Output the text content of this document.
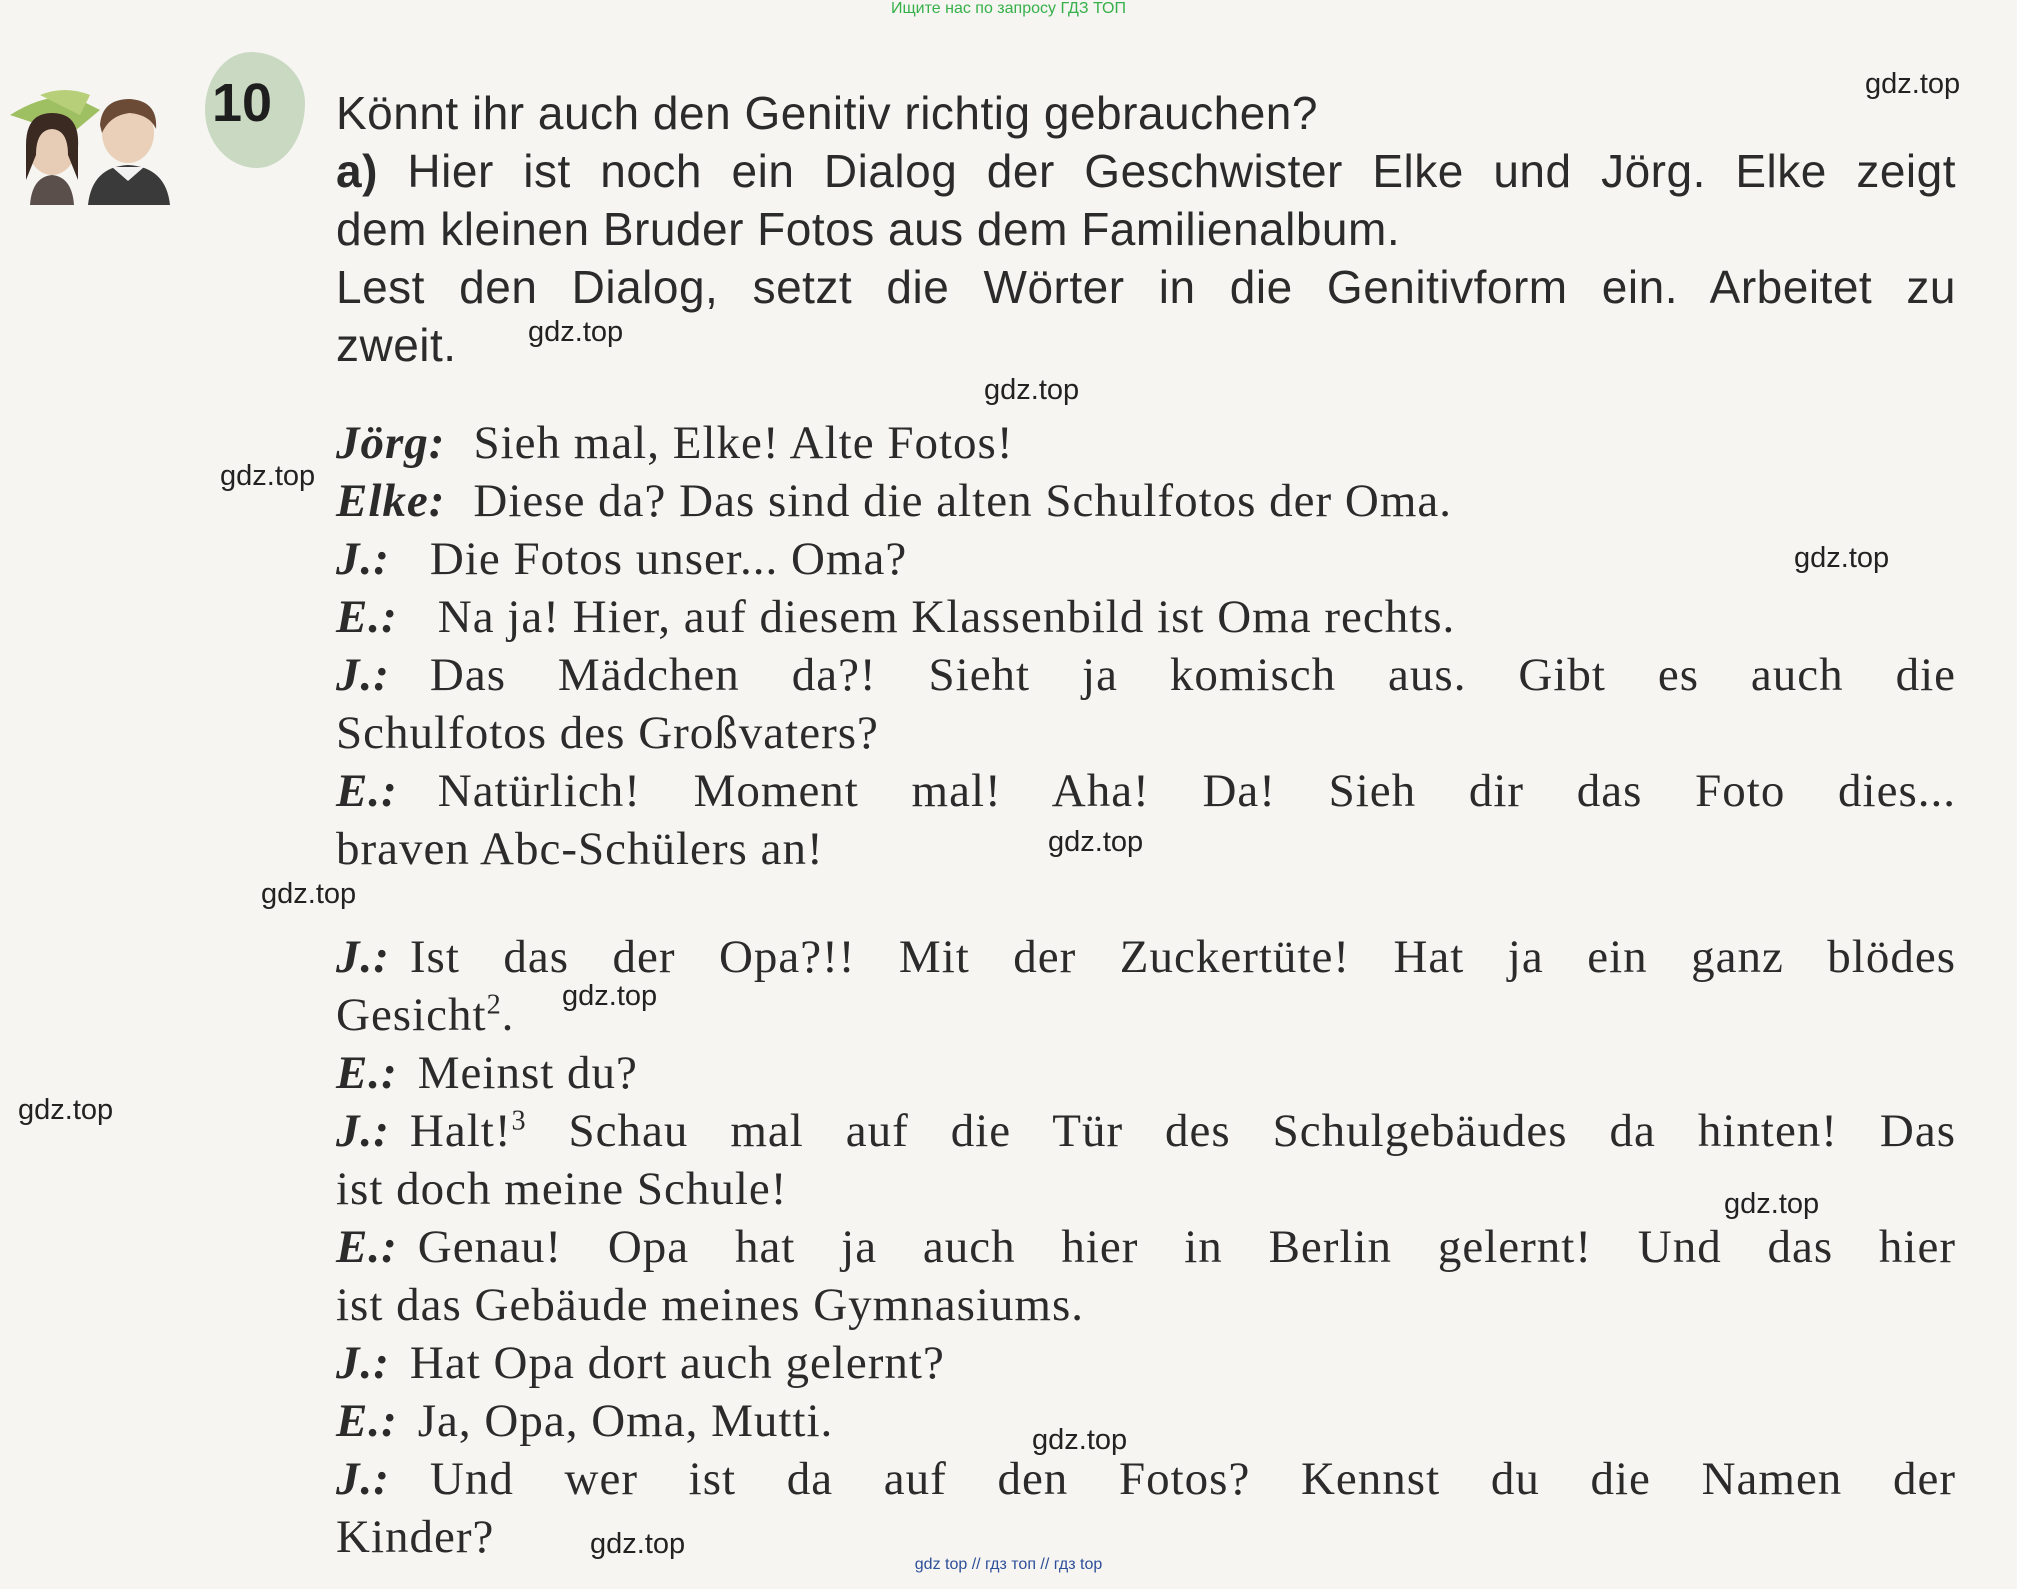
Ищите нас по запросу ГДЗ ТОП
10 Könnt ihr auch den Genitiv richtig gebrauchen?
a) Hier ist noch ein Dialog der Geschwister Elke und Jörg. Elke zeigt
dem kleinen Bruder Fotos aus dem Familienalbum.
Lest den Dialog, setzt die Wörter in die Genitivform ein. Arbeitet zu
zweit.
Jörg: Sieh mal, Elke! Alte Fotos!
Elke: Diese da? Das sind die alten Schulfotos der Oma.
J.: Die Fotos unser... Oma?
E.: Na ja! Hier, auf diesem Klassenbild ist Oma rechts.
J.: Das Mädchen da?! Sieht ja komisch aus. Gibt es auch die
Schulfotos des Großvaters?
E.: Natürlich! Moment mal! Aha! Da! Sieh dir das Foto dies...
braven Abc-Schülers an!
J.: Ist das der Opa?!! Mit der Zuckertüte! Hat ja ein ganz blödes
Gesicht$^2$.
E.: Meinst du?
J.: Halt!$^3$ Schau mal auf die Tür des Schulgebäudes da hinten! Das
ist doch meine Schule!
E.: Genau! Opa hat ja auch hier in Berlin gelernt! Und das hier
ist das Gebäude meines Gymnasiums.
J.: Hat Opa dort auch gelernt?
E.: Ja, Opa, Oma, Mutti.
J.: Und wer ist da auf den Fotos? Kennst du die Namen der
Kinder?
gdz.top
gdz.top
gdz.top
gdz.top
gdz.top
gdz.top
gdz.top
gdz.top
gdz.top
gdz.top
gdz.top
gdz.top
gdz top // гдз топ // гдз top
